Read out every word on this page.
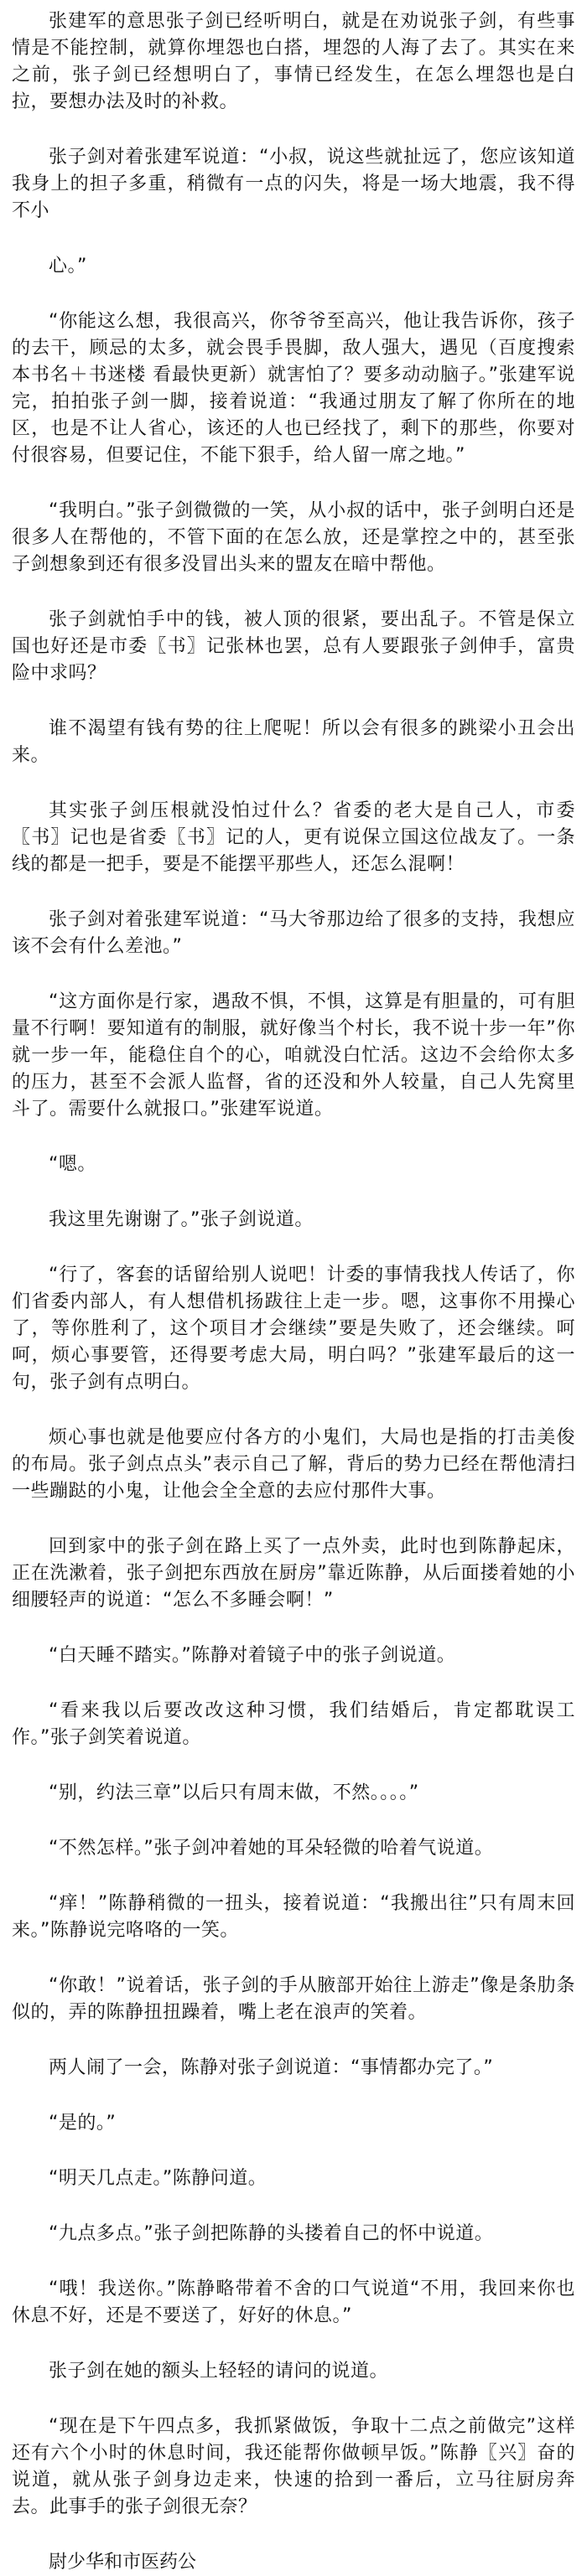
张建军的意思张子剑已经听明白，就是在劝说张子剑，有些事情是不能控制，就算你埋怨也白搭，埋怨的人海了去了。其实在来之前，张子剑已经想明白了，事情已经发生，在怎么埋怨也是白拉，要想办法及时的补救。

张子剑对着张建军说道：“小叔，说这些就扯远了，您应该知道我身上的担子多重，稍微有一点的闪失，将是一场大地震，我不得不小

心。”

“你能这么想，我很高兴，你爷爷至高兴，他让我告诉你，孩子的去干，顾忌的太多，就会畏手畏脚，敌人强大，遇见（百度搜索本书名＋书迷楼 看最快更新）就害怕了？要多动动脑子。”张建军说完，拍拍张子剑一脚，接着说道：“我通过朋友了解了你所在的地区，也是不让人省心，该还的人也已经找了，剩下的那些，你要对付很容易，但要记住，不能下狠手，给人留一席之地。”

“我明白。”张子剑微微的一笑，从小叔的话中，张子剑明白还是很多人在帮他的，不管下面的在怎么放，还是掌控之中的，甚至张子剑想象到还有很多没冒出头来的盟友在暗中帮他。

张子剑就怕手中的钱，被人顶的很紧，要出乱子。不管是保立国也好还是市委〖书〗记张林也罢，总有人要跟张子剑伸手，富贵险中求吗？

谁不渴望有钱有势的往上爬呢！所以会有很多的跳梁小丑会出来。

其实张子剑压根就没怕过什么？省委的老大是自己人，市委〖书〗记也是省委〖书〗记的人，更有说保立国这位战友了。一条线的都是一把手，要是不能摆平那些人，还怎么混啊！

张子剑对着张建军说道：“马大爷那边给了很多的支持，我想应该不会有什么差池。”

“这方面你是行家，遇敌不惧，不惧，这算是有胆量的，可有胆量不行啊！要知道有的制服，就好像当个村长，我不说十步一年”你就一步一年，能稳住自个的心，咱就没白忙活。这边不会给你太多的压力，甚至不会派人监督，省的还没和外人较量，自己人先窝里斗了。需要什么就报口。”张建军说道。

“嗯。

我这里先谢谢了。”张子剑说道。

“行了，客套的话留给别人说吧！计委的事情我找人传话了，你们省委内部人，有人想借机扬跋往上走一步。嗯，这事你不用操心了，等你胜利了，这个项目才会继续”要是失败了，还会继续。呵呵，烦心事要管，还得要考虑大局，明白吗？”张建军最后的这一句，张子剑有点明白。

烦心事也就是他要应付各方的小鬼们，大局也是指的打击美俊的布局。张子剑点点头”表示自己了解，背后的势力已经在帮他清扫一些蹦跶的小鬼，让他会全全意的去应付那件大事。

回到家中的张子剑在路上买了一点外卖，此时也到陈静起床，正在洗漱着，张子剑把东西放在厨房”靠近陈静，从后面搂着她的小细腰轻声的说道：“怎么不多睡会啊！”

“白天睡不踏实。”陈静对着镜子中的张子剑说道。

“看来我以后要改改这种习惯，我们结婚后，肯定都耽误工作。”张子剑笑着说道。

“别，约法三章”以后只有周末做，不然。。。。”

“不然怎样。”张子剑冲着她的耳朵轻微的哈着气说道。

“痒！”陈静稍微的一扭头，接着说道：“我搬出往”只有周末回来。”陈静说完咯咯的一笑。

“你敢！”说着话，张子剑的手从腋部开始往上游走”像是条肋条似的，弄的陈静扭扭躁着，嘴上老在浪声的笑着。

两人闹了一会，陈静对张子剑说道：“事情都办完了。”

“是的。”

“明天几点走。”陈静问道。

“九点多点。”张子剑把陈静的头搂着自己的怀中说道。

“哦！我送你。”陈静略带着不舍的口气说道“不用，我回来你也休息不好，还是不要送了，好好的休息。”

张子剑在她的额头上轻轻的请问的说道。

“现在是下午四点多，我抓紧做饭，争取十二点之前做完”这样还有六个小时的休息时间，我还能帮你做顿早饭。”陈静〖兴〗奋的说道，就从张子剑身边走来，快速的拾到一番后，立马往厨房奔去。此事手的张子剑很无奈？

尉少华和市医药公
